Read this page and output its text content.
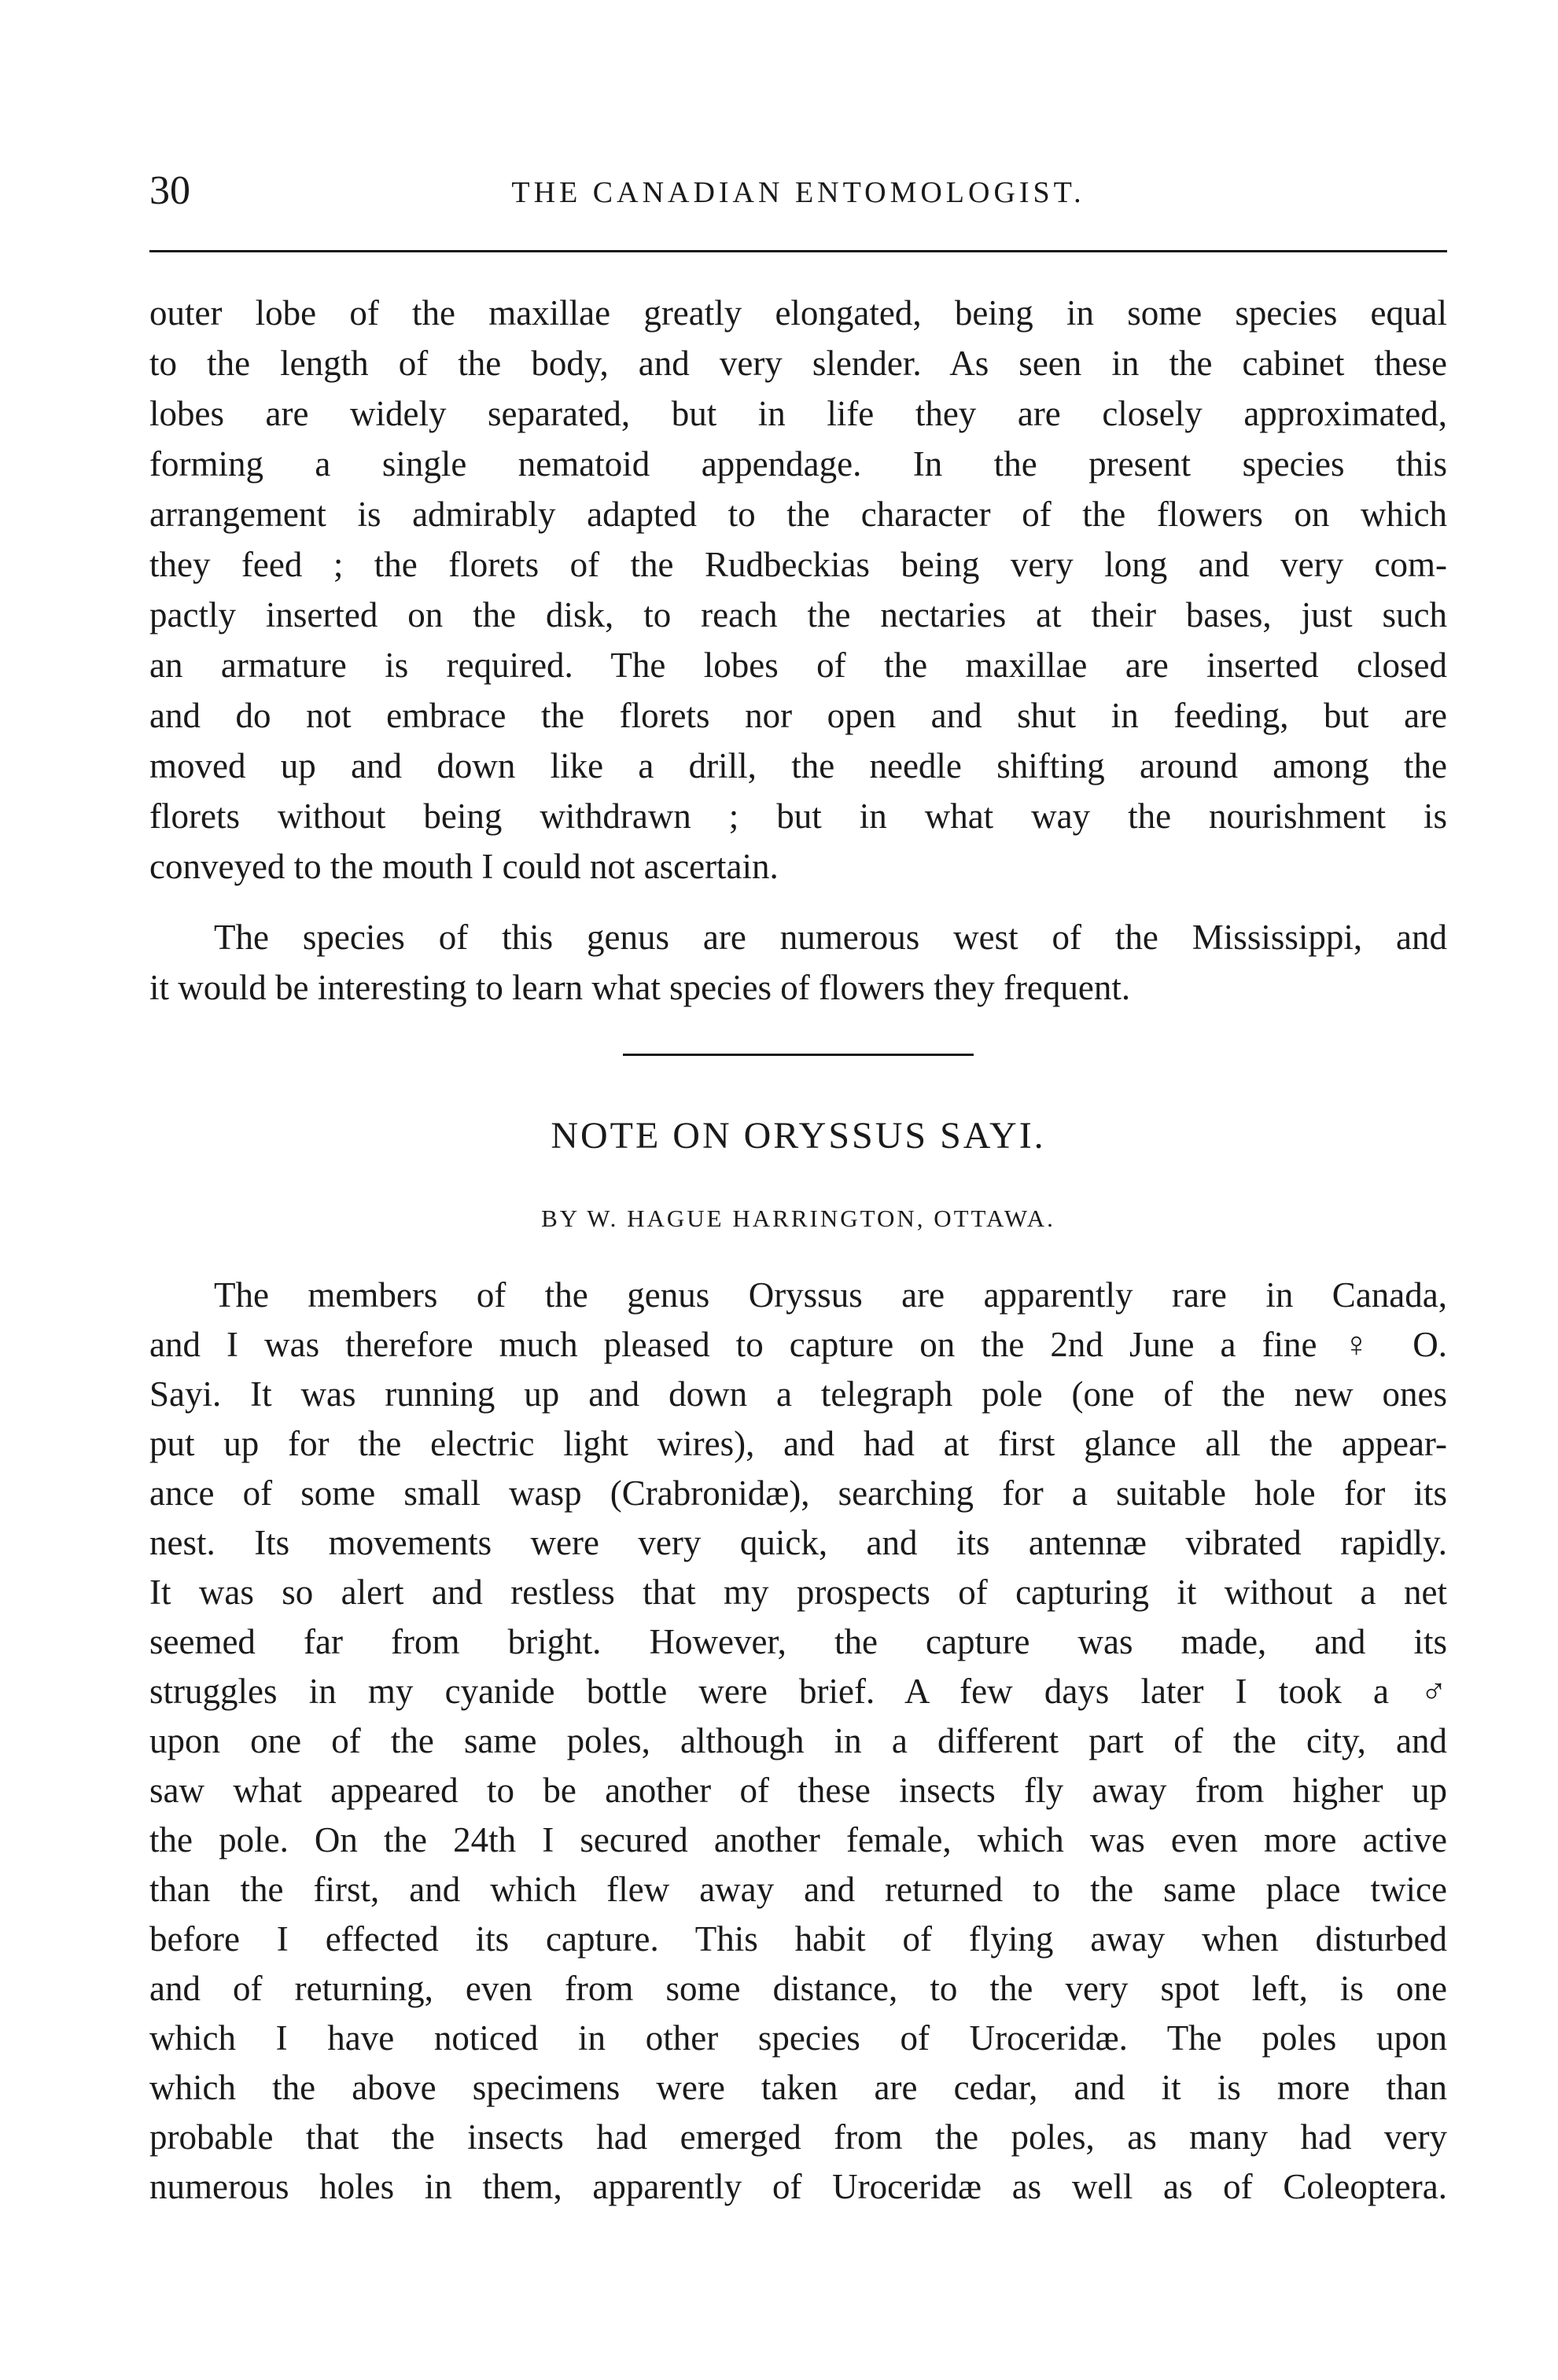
30	THE CANADIAN ENTOMOLOGIST.
outer lobe of the maxillae greatly elongated, being in some species equal
to the length of the body, and very slender. As seen in the cabinet these
lobes are widely separated, but in life they are closely approximated,
forming a single nematoid appendage. In the present species this
arrangement is admirably adapted to the character of the flowers on which
they feed ; the florets of the Rudbeckias being very long and very com-
pactly inserted on the disk, to reach the nectaries at their bases, just such
an armature is required. The lobes of the maxillae are inserted closed
and do not embrace the florets nor open and shut in feeding, but are
moved up and down like a drill, the needle shifting around among the
florets without being withdrawn ; but in what way the nourishment is
conveyed to the mouth I could not ascertain.
The species of this genus are numerous west of the Mississippi, and
it would be interesting to learn what species of flowers they frequent.
NOTE ON ORYSSUS SAYI.
BY W. HAGUE HARRINGTON, OTTAWA.
The members of the genus Oryssus are apparently rare in Canada,
and I was therefore much pleased to capture on the 2nd June a fine ♀ O.
Sayi. It was running up and down a telegraph pole (one of the new ones
put up for the electric light wires), and had at first glance all the appear-
ance of some small wasp (Crabronidæ), searching for a suitable hole for its
nest. Its movements were very quick, and its antennæ vibrated rapidly.
It was so alert and restless that my prospects of capturing it without a net
seemed far from bright. However, the capture was made, and its
struggles in my cyanide bottle were brief. A few days later I took a ♂
upon one of the same poles, although in a different part of the city, and
saw what appeared to be another of these insects fly away from higher up
the pole. On the 24th I secured another female, which was even more active
than the first, and which flew away and returned to the same place twice
before I effected its capture. This habit of flying away when disturbed
and of returning, even from some distance, to the very spot left, is one
which I have noticed in other species of Uroceridæ. The poles upon
which the above specimens were taken are cedar, and it is more than
probable that the insects had emerged from the poles, as many had very
numerous holes in them, apparently of Uroceridæ as well as of Coleoptera.
